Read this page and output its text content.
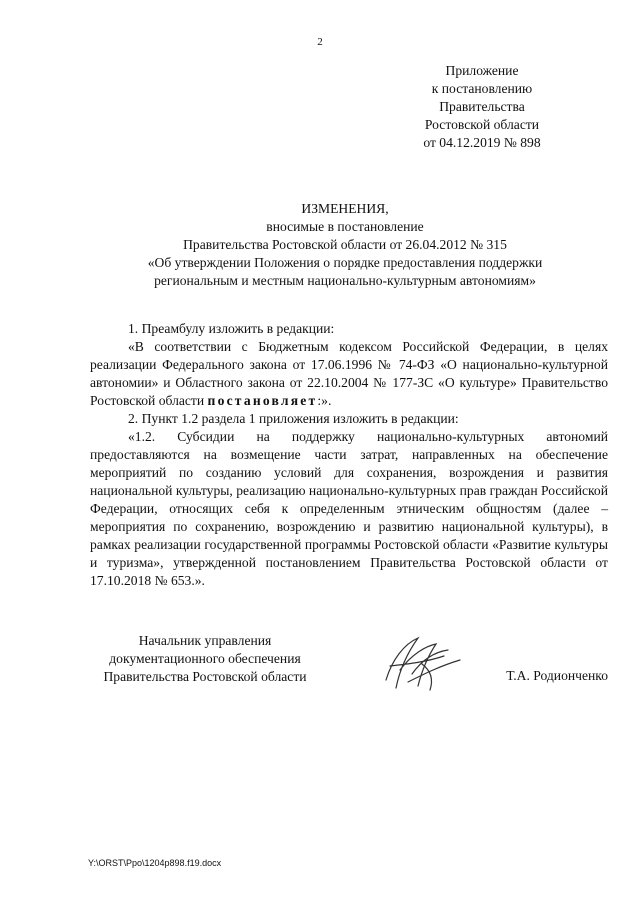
2
Приложение
к постановлению
Правительства
Ростовской области
от 04.12.2019 № 898
ИЗМЕНЕНИЯ,
вносимые в постановление
Правительства Ростовской области от 26.04.2012 № 315
«Об утверждении Положения о порядке предоставления поддержки
региональным и местным национально-культурным автономиям»

1. Преамбулу изложить в редакции:

«В соответствии с Бюджетным кодексом Российской Федерации, в целях реализации Федерального закона от 17.06.1996 № 74-ФЗ «О национально-культурной автономии» и Областного закона от 22.10.2004 № 177-ЗС «О культуре» Правительство Ростовской области постановляет:».

2. Пункт 1.2 раздела 1 приложения изложить в редакции:

«1.2. Субсидии на поддержку национально-культурных автономий предоставляются на возмещение части затрат, направленных на обеспечение мероприятий по созданию условий для сохранения, возрождения и развития национальной культуры, реализацию национально-культурных прав граждан Российской Федерации, относящих себя к определенным этническим общностям (далее – мероприятия по сохранению, возрождению и развитию национальной культуры), в рамках реализации государственной программы Ростовской области «Развитие культуры и туризма», утвержденной постановлением Правительства Ростовской области от 17.10.2018 № 653.».

Начальник управления
документационного обеспечения
Правительства Ростовской области	Т.А. Родионченко
Y:\ORST\Ppo\1204p898.f19.docx
